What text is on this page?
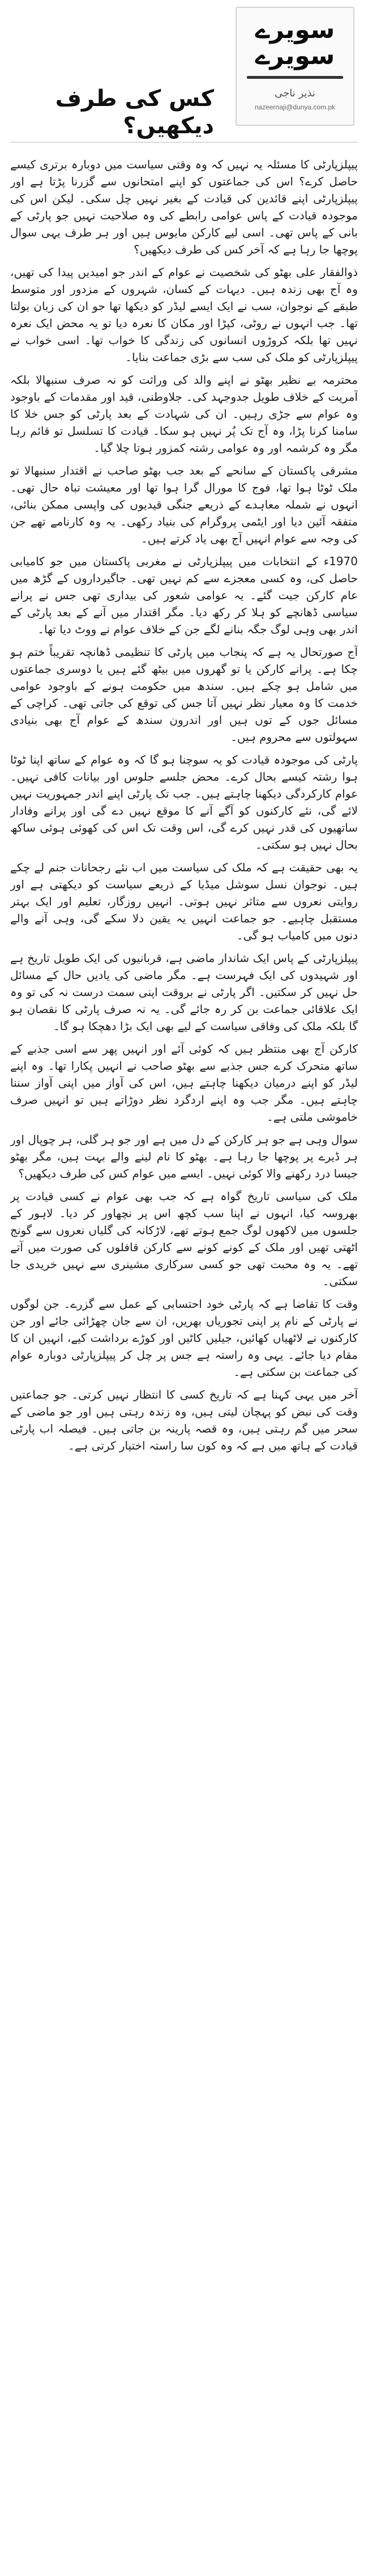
کس کی طرف دیکھیں؟
سویرے سویرے
نذیر ناجی
nazeernaji@dunya.com.pk

پیپلزپارٹی کا مسئلہ یہ نہیں کہ وہ وقتی سیاست میں دوبارہ برتری کیسے حاصل کرے؟ اس کی جماعتوں کو اپنے امتحانوں سے گزرنا پڑتا ہے اور پیپلزپارٹی اپنے قائدین کی قیادت کے بغیر نہیں چل سکی۔ لیکن اس کی موجودہ قیادت کے پاس عوامی رابطے کی وہ صلاحیت نہیں جو پارٹی کے بانی کے پاس تھی۔ اسی لیے کارکن مایوس ہیں اور ہر طرف یہی سوال پوچھا جا رہا ہے کہ آخر کس کی طرف دیکھیں؟

ذوالفقار علی بھٹو کی شخصیت نے عوام کے اندر جو امیدیں پیدا کی تھیں، وہ آج بھی زندہ ہیں۔ دیہات کے کسان، شہروں کے مزدور اور متوسط طبقے کے نوجوان، سب نے ایک ایسے لیڈر کو دیکھا تھا جو ان کی زبان بولتا تھا۔ جب انہوں نے روٹی، کپڑا اور مکان کا نعرہ دیا تو یہ محض ایک نعرہ نہیں تھا بلکہ کروڑوں انسانوں کی زندگی کا خواب تھا۔ اسی خواب نے پیپلزپارٹی کو ملک کی سب سے بڑی جماعت بنایا۔

محترمہ بے نظیر بھٹو نے اپنے والد کی وراثت کو نہ صرف سنبھالا بلکہ آمریت کے خلاف طویل جدوجہد کی۔ جلاوطنی، قید اور مقدمات کے باوجود وہ عوام سے جڑی رہیں۔ ان کی شہادت کے بعد پارٹی کو جس خلا کا سامنا کرنا پڑا، وہ آج تک پُر نہیں ہو سکا۔ قیادت کا تسلسل تو قائم رہا مگر وہ کرشمہ اور وہ عوامی رشتہ کمزور ہوتا چلا گیا۔

مشرقی پاکستان کے سانحے کے بعد جب بھٹو صاحب نے اقتدار سنبھالا تو ملک ٹوٹا ہوا تھا، فوج کا مورال گرا ہوا تھا اور معیشت تباہ حال تھی۔ انہوں نے شملہ معاہدے کے ذریعے جنگی قیدیوں کی واپسی ممکن بنائی، متفقہ آئین دیا اور ایٹمی پروگرام کی بنیاد رکھی۔ یہ وہ کارنامے تھے جن کی وجہ سے عوام انہیں آج بھی یاد کرتے ہیں۔

1970ء کے انتخابات میں پیپلزپارٹی نے مغربی پاکستان میں جو کامیابی حاصل کی، وہ کسی معجزے سے کم نہیں تھی۔ جاگیرداروں کے گڑھ میں عام کارکن جیت گئے۔ یہ عوامی شعور کی بیداری تھی جس نے پرانے سیاسی ڈھانچے کو ہلا کر رکھ دیا۔ مگر اقتدار میں آنے کے بعد پارٹی کے اندر بھی وہی لوگ جگہ بنانے لگے جن کے خلاف عوام نے ووٹ دیا تھا۔

آج صورتحال یہ ہے کہ پنجاب میں پارٹی کا تنظیمی ڈھانچہ تقریباً ختم ہو چکا ہے۔ پرانے کارکن یا تو گھروں میں بیٹھ گئے ہیں یا دوسری جماعتوں میں شامل ہو چکے ہیں۔ سندھ میں حکومت ہونے کے باوجود عوامی خدمت کا وہ معیار نظر نہیں آتا جس کی توقع کی جاتی تھی۔ کراچی کے مسائل جوں کے توں ہیں اور اندرون سندھ کے عوام آج بھی بنیادی سہولتوں سے محروم ہیں۔

پارٹی کی موجودہ قیادت کو یہ سوچنا ہو گا کہ وہ عوام کے ساتھ اپنا ٹوٹا ہوا رشتہ کیسے بحال کرے۔ محض جلسے جلوس اور بیانات کافی نہیں۔ عوام کارکردگی دیکھنا چاہتے ہیں۔ جب تک پارٹی اپنے اندر جمہوریت نہیں لائے گی، نئے کارکنوں کو آگے آنے کا موقع نہیں دے گی اور پرانے وفادار ساتھیوں کی قدر نہیں کرے گی، اس وقت تک اس کی کھوئی ہوئی ساکھ بحال نہیں ہو سکتی۔

یہ بھی حقیقت ہے کہ ملک کی سیاست میں اب نئے رجحانات جنم لے چکے ہیں۔ نوجوان نسل سوشل میڈیا کے ذریعے سیاست کو دیکھتی ہے اور روایتی نعروں سے متاثر نہیں ہوتی۔ انہیں روزگار، تعلیم اور ایک بہتر مستقبل چاہیے۔ جو جماعت انہیں یہ یقین دلا سکے گی، وہی آنے والے دنوں میں کامیاب ہو گی۔

پیپلزپارٹی کے پاس ایک شاندار ماضی ہے، قربانیوں کی ایک طویل تاریخ ہے اور شہیدوں کی ایک فہرست ہے۔ مگر ماضی کی یادیں حال کے مسائل حل نہیں کر سکتیں۔ اگر پارٹی نے بروقت اپنی سمت درست نہ کی تو وہ ایک علاقائی جماعت بن کر رہ جائے گی۔ یہ نہ صرف پارٹی کا نقصان ہو گا بلکہ ملک کی وفاقی سیاست کے لیے بھی ایک بڑا دھچکا ہو گا۔

کارکن آج بھی منتظر ہیں کہ کوئی آئے اور انہیں پھر سے اسی جذبے کے ساتھ متحرک کرے جس جذبے سے بھٹو صاحب نے انہیں پکارا تھا۔ وہ اپنے لیڈر کو اپنے درمیان دیکھنا چاہتے ہیں، اس کی آواز میں اپنی آواز سننا چاہتے ہیں۔ مگر جب وہ اپنے اردگرد نظر دوڑاتے ہیں تو انہیں صرف خاموشی ملتی ہے۔

سوال وہی ہے جو ہر کارکن کے دل میں ہے اور جو ہر گلی، ہر چوپال اور ہر ڈیرے پر پوچھا جا رہا ہے۔ بھٹو کا نام لینے والے بہت ہیں، مگر بھٹو جیسا درد رکھنے والا کوئی نہیں۔ ایسے میں عوام کس کی طرف دیکھیں؟

ملک کی سیاسی تاریخ گواہ ہے کہ جب بھی عوام نے کسی قیادت پر بھروسہ کیا، انہوں نے اپنا سب کچھ اس پر نچھاور کر دیا۔ لاہور کے جلسوں میں لاکھوں لوگ جمع ہوتے تھے، لاڑکانہ کی گلیاں نعروں سے گونج اٹھتی تھیں اور ملک کے کونے کونے سے کارکن قافلوں کی صورت میں آتے تھے۔ یہ وہ محبت تھی جو کسی سرکاری مشینری سے نہیں خریدی جا سکتی۔

وقت کا تقاضا ہے کہ پارٹی خود احتسابی کے عمل سے گزرے۔ جن لوگوں نے پارٹی کے نام پر اپنی تجوریاں بھریں، ان سے جان چھڑائی جائے اور جن کارکنوں نے لاٹھیاں کھائیں، جیلیں کاٹیں اور کوڑے برداشت کیے، انہیں ان کا مقام دیا جائے۔ یہی وہ راستہ ہے جس پر چل کر پیپلزپارٹی دوبارہ عوام کی جماعت بن سکتی ہے۔

آخر میں یہی کہنا ہے کہ تاریخ کسی کا انتظار نہیں کرتی۔ جو جماعتیں وقت کی نبض کو پہچان لیتی ہیں، وہ زندہ رہتی ہیں اور جو ماضی کے سحر میں گم رہتی ہیں، وہ قصہ پارینہ بن جاتی ہیں۔ فیصلہ اب پارٹی قیادت کے ہاتھ میں ہے کہ وہ کون سا راستہ اختیار کرتی ہے۔
